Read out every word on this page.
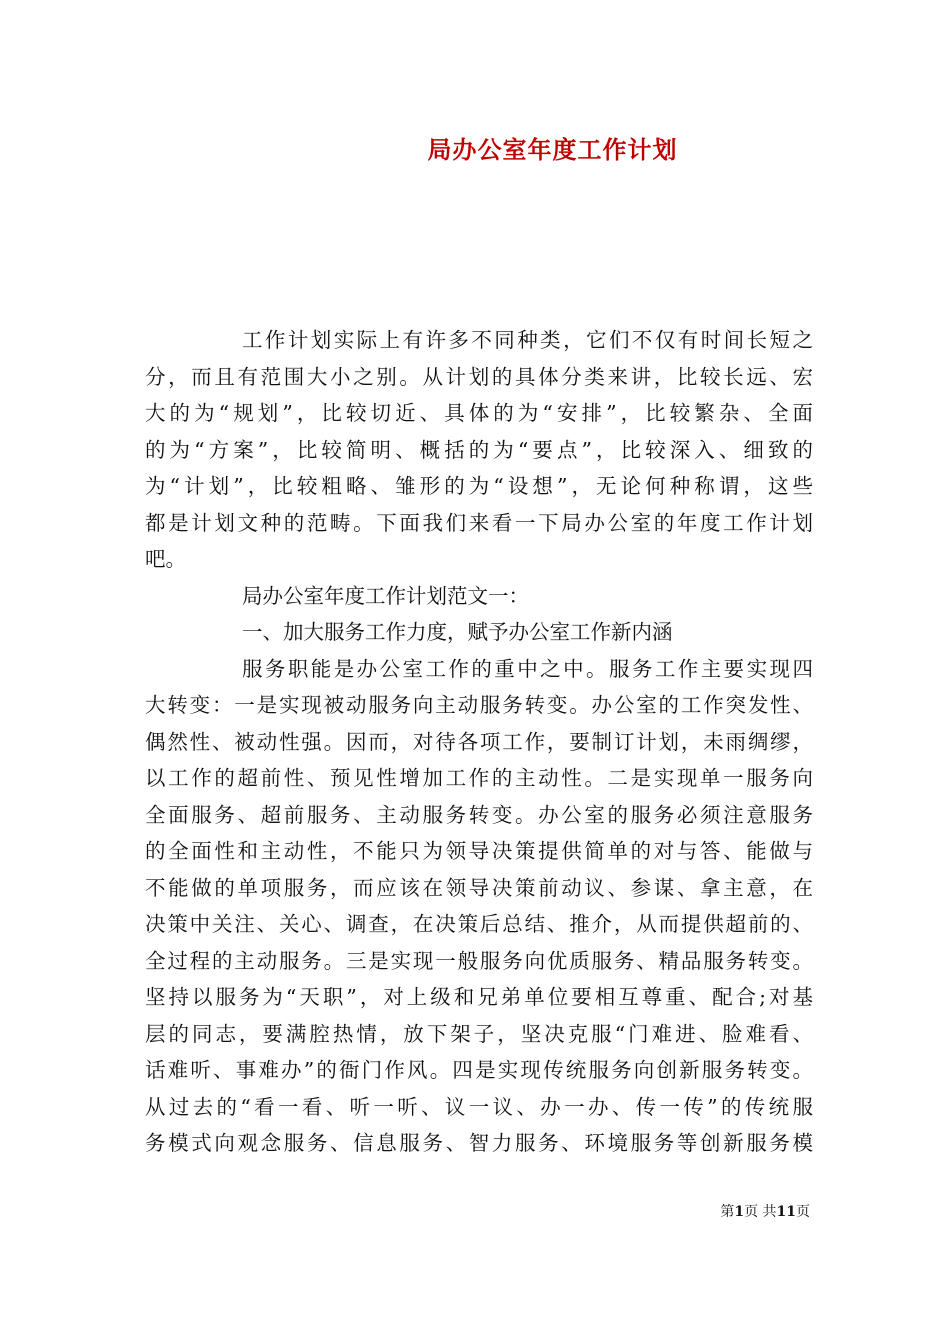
局办公室年度工作计划
工作计划实际上有许多不同种类，它们不仅有时间长短之
分，而且有范围大小之别。从计划的具体分类来讲，比较长远、宏
大的为“规划”，比较切近、具体的为“安排”，比较繁杂、全面
的为“方案”，比较简明、概括的为“要点”，比较深入、细致的
为“计划”，比较粗略、雏形的为“设想”，无论何种称谓，这些
都是计划文种的范畴。下面我们来看一下局办公室的年度工作计划
吧。
局办公室年度工作计划范文一：
一、加大服务工作力度，赋予办公室工作新内涵
服务职能是办公室工作的重中之中。服务工作主要实现四
大转变：一是实现被动服务向主动服务转变。办公室的工作突发性、
偶然性、被动性强。因而，对待各项工作，要制订计划，未雨绸缪，
以工作的超前性、预见性增加工作的主动性。二是实现单一服务向
全面服务、超前服务、主动服务转变。办公室的服务必须注意服务
的全面性和主动性，不能只为领导决策提供简单的对与答、能做与
不能做的单项服务，而应该在领导决策前动议、参谋、拿主意，在
决策中关注、关心、调查，在决策后总结、推介，从而提供超前的、
全过程的主动服务。三是实现一般服务向优质服务、精品服务转变。
坚持以服务为“天职”，对上级和兄弟单位要相互尊重、配合;对基
层的同志，要满腔热情，放下架子，坚决克服“门难进、脸难看、
话难听、事难办”的衙门作风。四是实现传统服务向创新服务转变。
从过去的“看一看、听一听、议一议、办一办、传一传”的传统服
务模式向观念服务、信息服务、智力服务、环境服务等创新服务模
第1页 共11页
